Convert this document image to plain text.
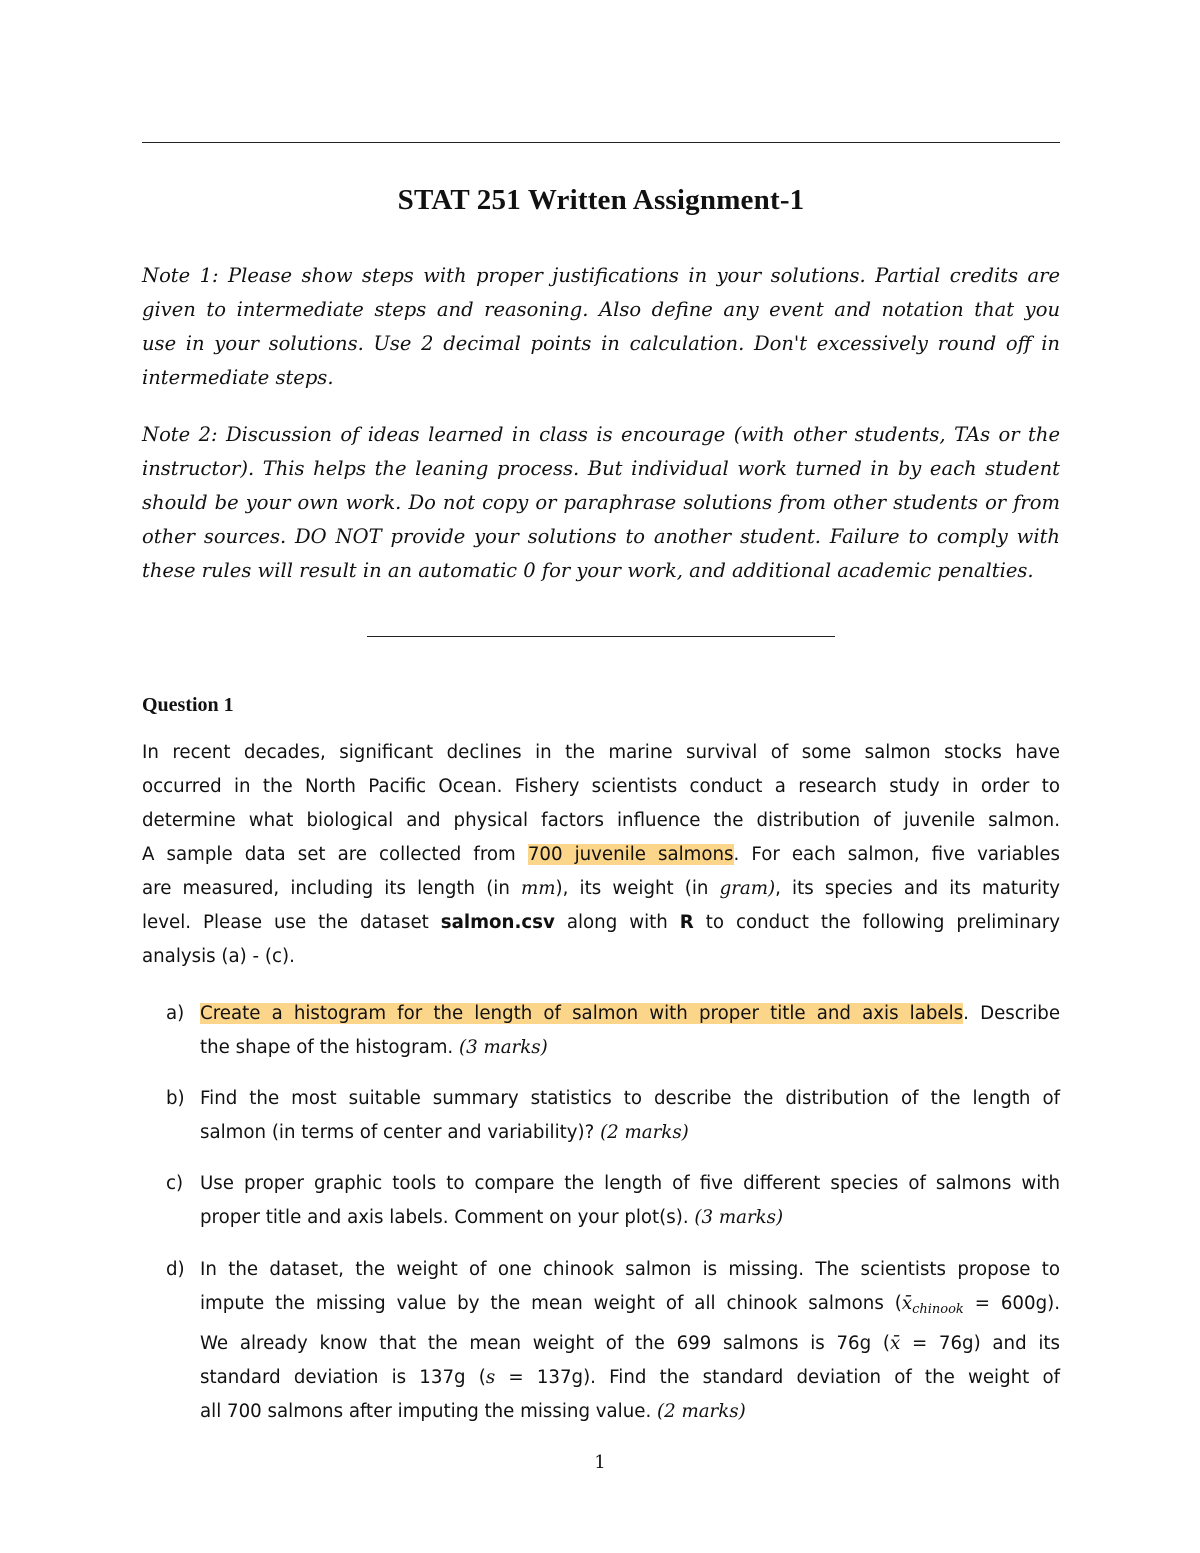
STAT 251 Written Assignment-1
Note 1: Please show steps with proper justifications in your solutions. Partial credits are
given to intermediate steps and reasoning. Also define any event and notation that you
use in your solutions. Use 2 decimal points in calculation. Don't excessively round off in
intermediate steps.
Note 2: Discussion of ideas learned in class is encourage (with other students, TAs or the
instructor). This helps the leaning process. But individual work turned in by each student
should be your own work. Do not copy or paraphrase solutions from other students or from
other sources. DO NOT provide your solutions to another student. Failure to comply with
these rules will result in an automatic 0 for your work, and additional academic penalties.
Question 1
In recent decades, significant declines in the marine survival of some salmon stocks have
occurred in the North Pacific Ocean. Fishery scientists conduct a research study in order to
determine what biological and physical factors influence the distribution of juvenile salmon.
A sample data set are collected from 700 juvenile salmons. For each salmon, five variables
are measured, including its length (in mm), its weight (in gram), its species and its maturity
level. Please use the dataset salmon.csv along with R to conduct the following preliminary
analysis (a) - (c).
a) Create a histogram for the length of salmon with proper title and axis labels. Describe
the shape of the histogram. (3 marks)
b) Find the most suitable summary statistics to describe the distribution of the length of
salmon (in terms of center and variability)? (2 marks)
c) Use proper graphic tools to compare the length of five different species of salmons with
proper title and axis labels. Comment on your plot(s). (3 marks)
d) In the dataset, the weight of one chinook salmon is missing. The scientists propose to
impute the missing value by the mean weight of all chinook salmons $(x̄_{chinook} = 600g)$.
We already know that the mean weight of the 699 salmons is 76g (x̄ = 76g) and its
standard deviation is 137g (s = 137g). Find the standard deviation of the weight of
all 700 salmons after imputing the missing value. (2 marks)
1
